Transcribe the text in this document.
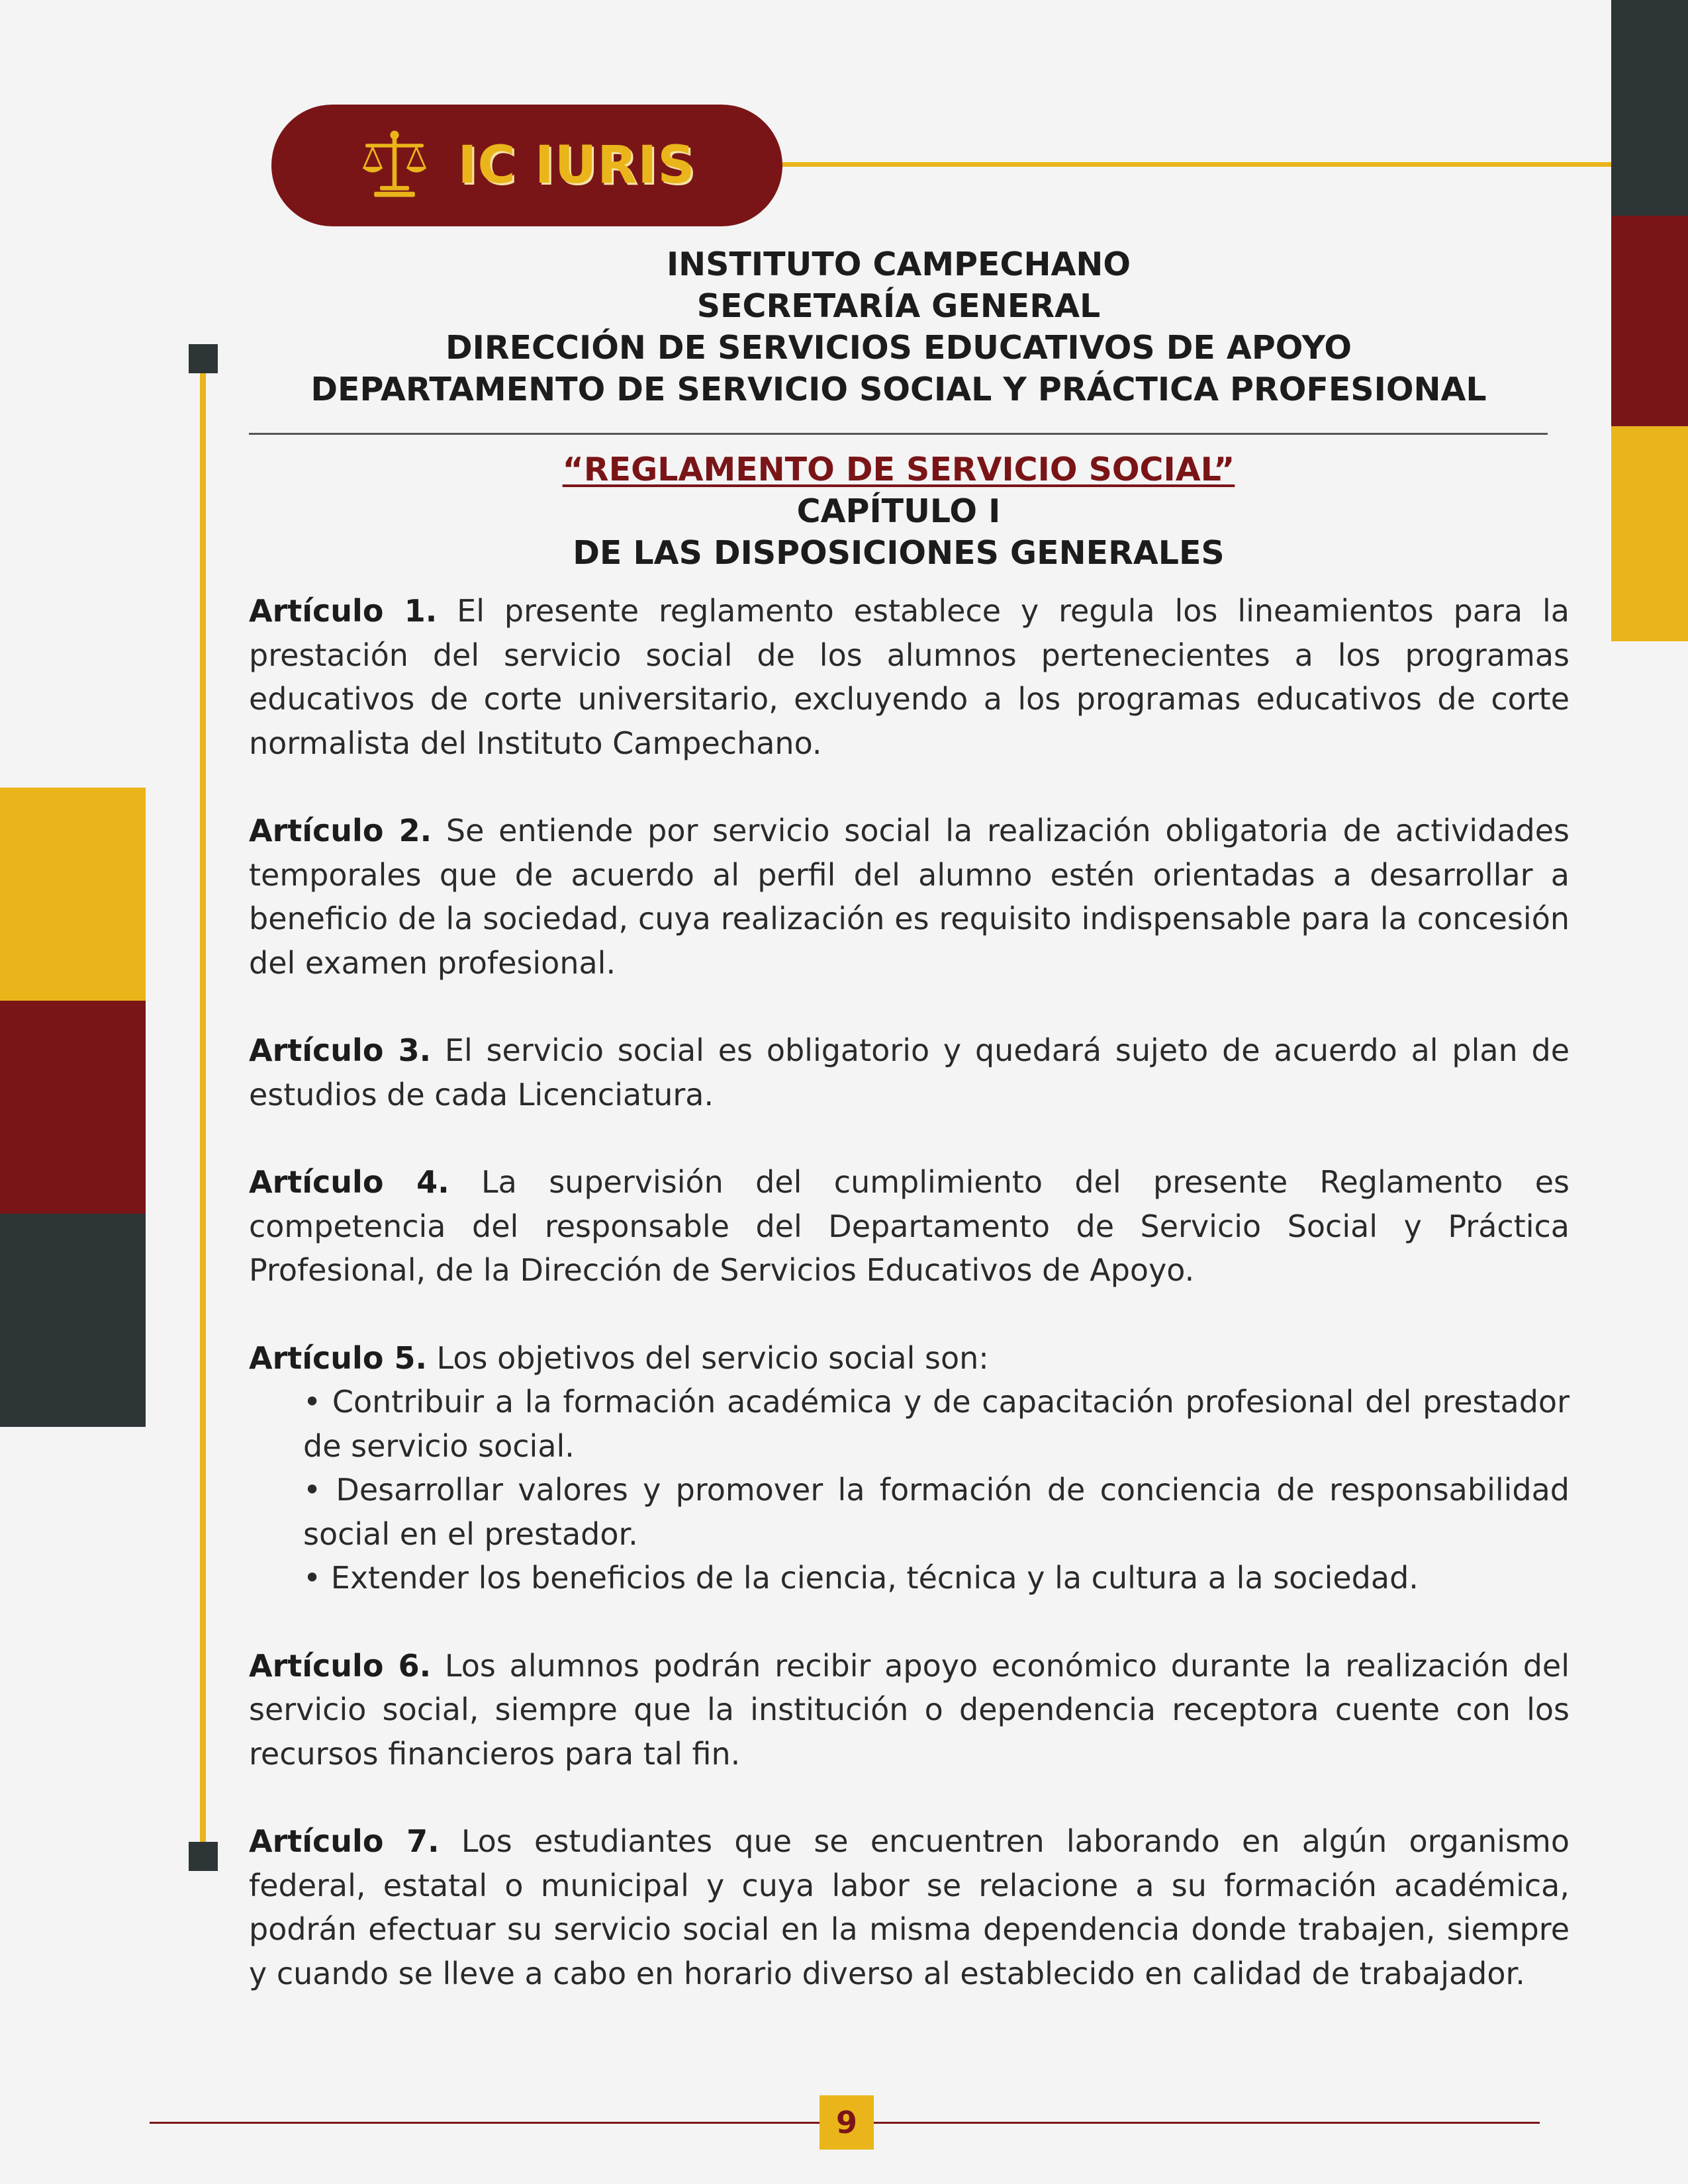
IC IURIS
INSTITUTO CAMPECHANO
SECRETARÍA GENERAL
DIRECCIÓN DE SERVICIOS EDUCATIVOS DE APOYO
DEPARTAMENTO DE SERVICIO SOCIAL Y PRÁCTICA PROFESIONAL
“REGLAMENTO DE SERVICIO SOCIAL”
CAPÍTULO I
DE LAS DISPOSICIONES GENERALES

Artículo 1. El presente reglamento establece y regula los lineamientos para la prestación del servicio social de los alumnos pertenecientes a los programas educativos de corte universitario, excluyendo a los programas educativos de corte normalista del Instituto Campechano.

Artículo 2. Se entiende por servicio social la realización obligatoria de actividades temporales que de acuerdo al perfil del alumno estén orientadas a desarrollar a beneficio de la sociedad, cuya realización es requisito indispensable para la concesión del examen profesional.

Artículo 3. El servicio social es obligatorio y quedará sujeto de acuerdo al plan de estudios de cada Licenciatura.

Artículo 4. La supervisión del cumplimiento del presente Reglamento es competencia del responsable del Departamento de Servicio Social y Práctica Profesional, de la Dirección de Servicios Educativos de Apoyo.

Artículo 5. Los objetivos del servicio social son:

• Contribuir a la formación académica y de capacitación profesional del prestador de servicio social.
• Desarrollar valores y promover la formación de conciencia de responsabilidad social en el prestador.
• Extender los beneficios de la ciencia, técnica y la cultura a la sociedad.

Artículo 6. Los alumnos podrán recibir apoyo económico durante la realización del servicio social, siempre que la institución o dependencia receptora cuente con los recursos financieros para tal fin.

Artículo 7. Los estudiantes que se encuentren laborando en algún organismo federal, estatal o municipal y cuya labor se relacione a su formación académica, podrán efectuar su servicio social en la misma dependencia donde trabajen, siempre y cuando se lleve a cabo en horario diverso al establecido en calidad de trabajador.

9
